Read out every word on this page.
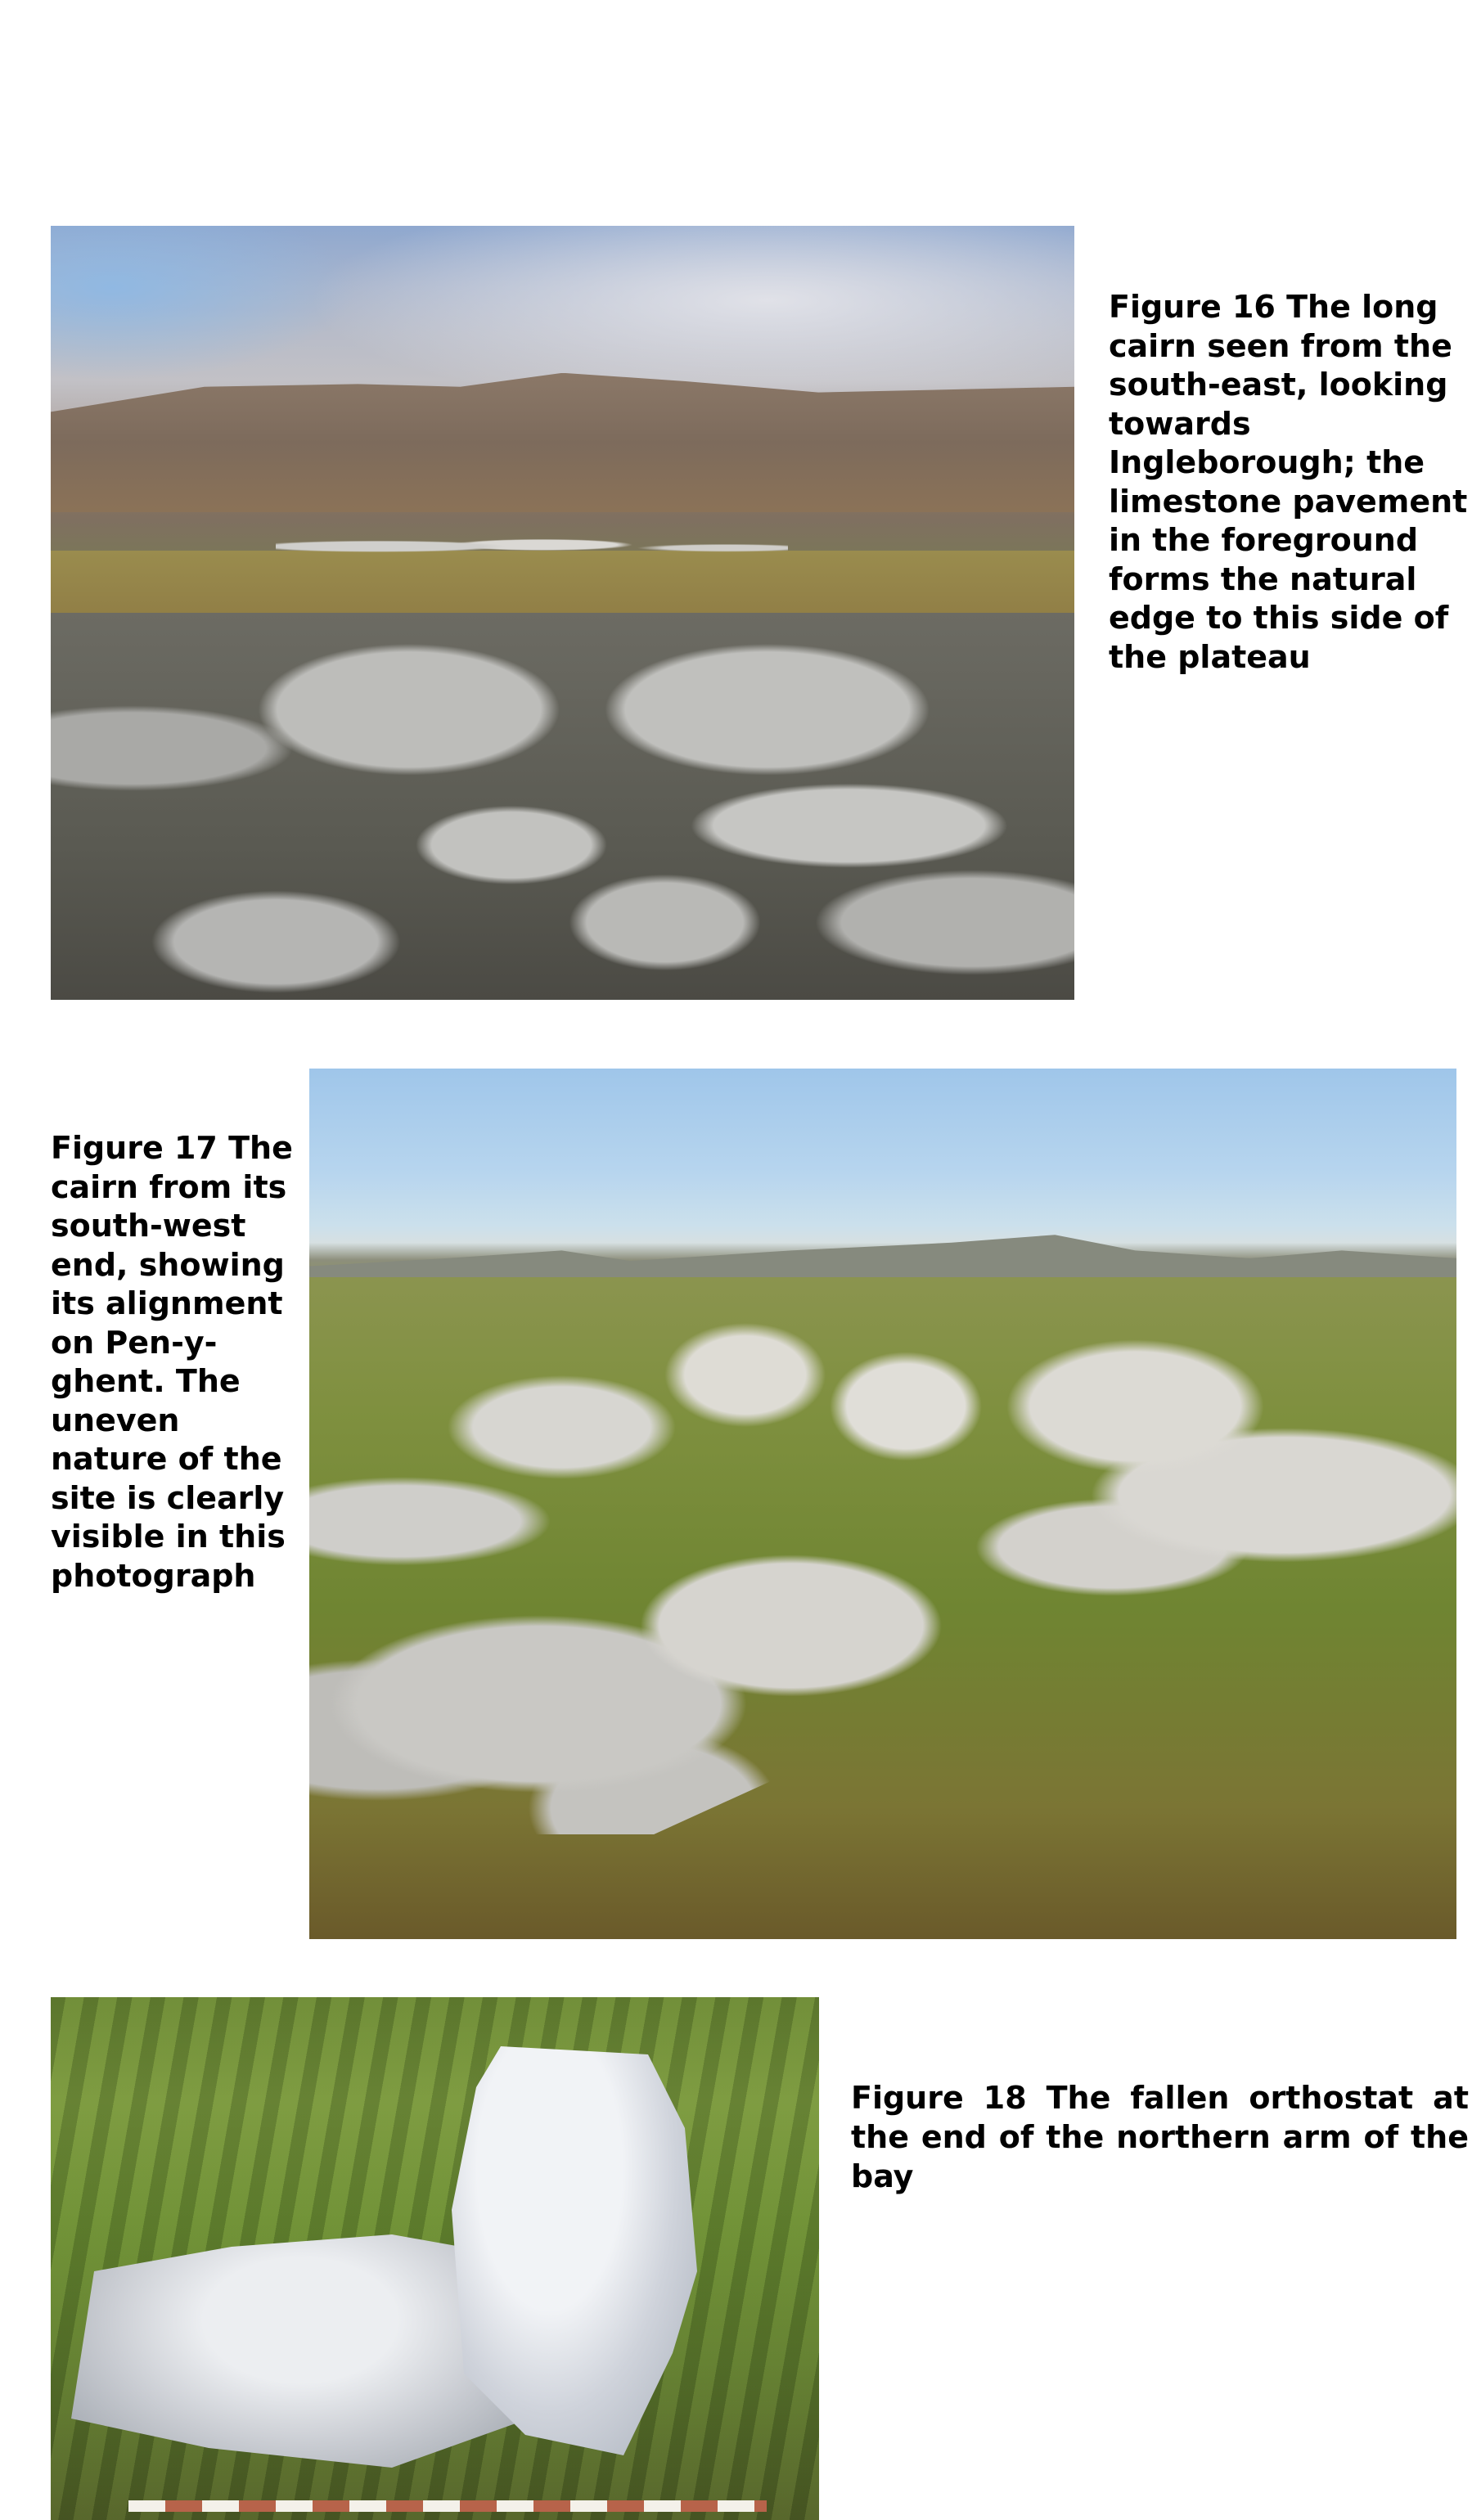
Figure 16 The long cairn seen from the south-east, looking towards Ingleborough; the limestone pavement in the foreground forms the natural edge to this side of the plateau

Figure 17 The cairn from its south-west end, showing its alignment on Pen-y-ghent. The uneven nature of the site is clearly visible in this photograph

Figure 18 The fallen orthostat at the end of the northern arm of the bay
